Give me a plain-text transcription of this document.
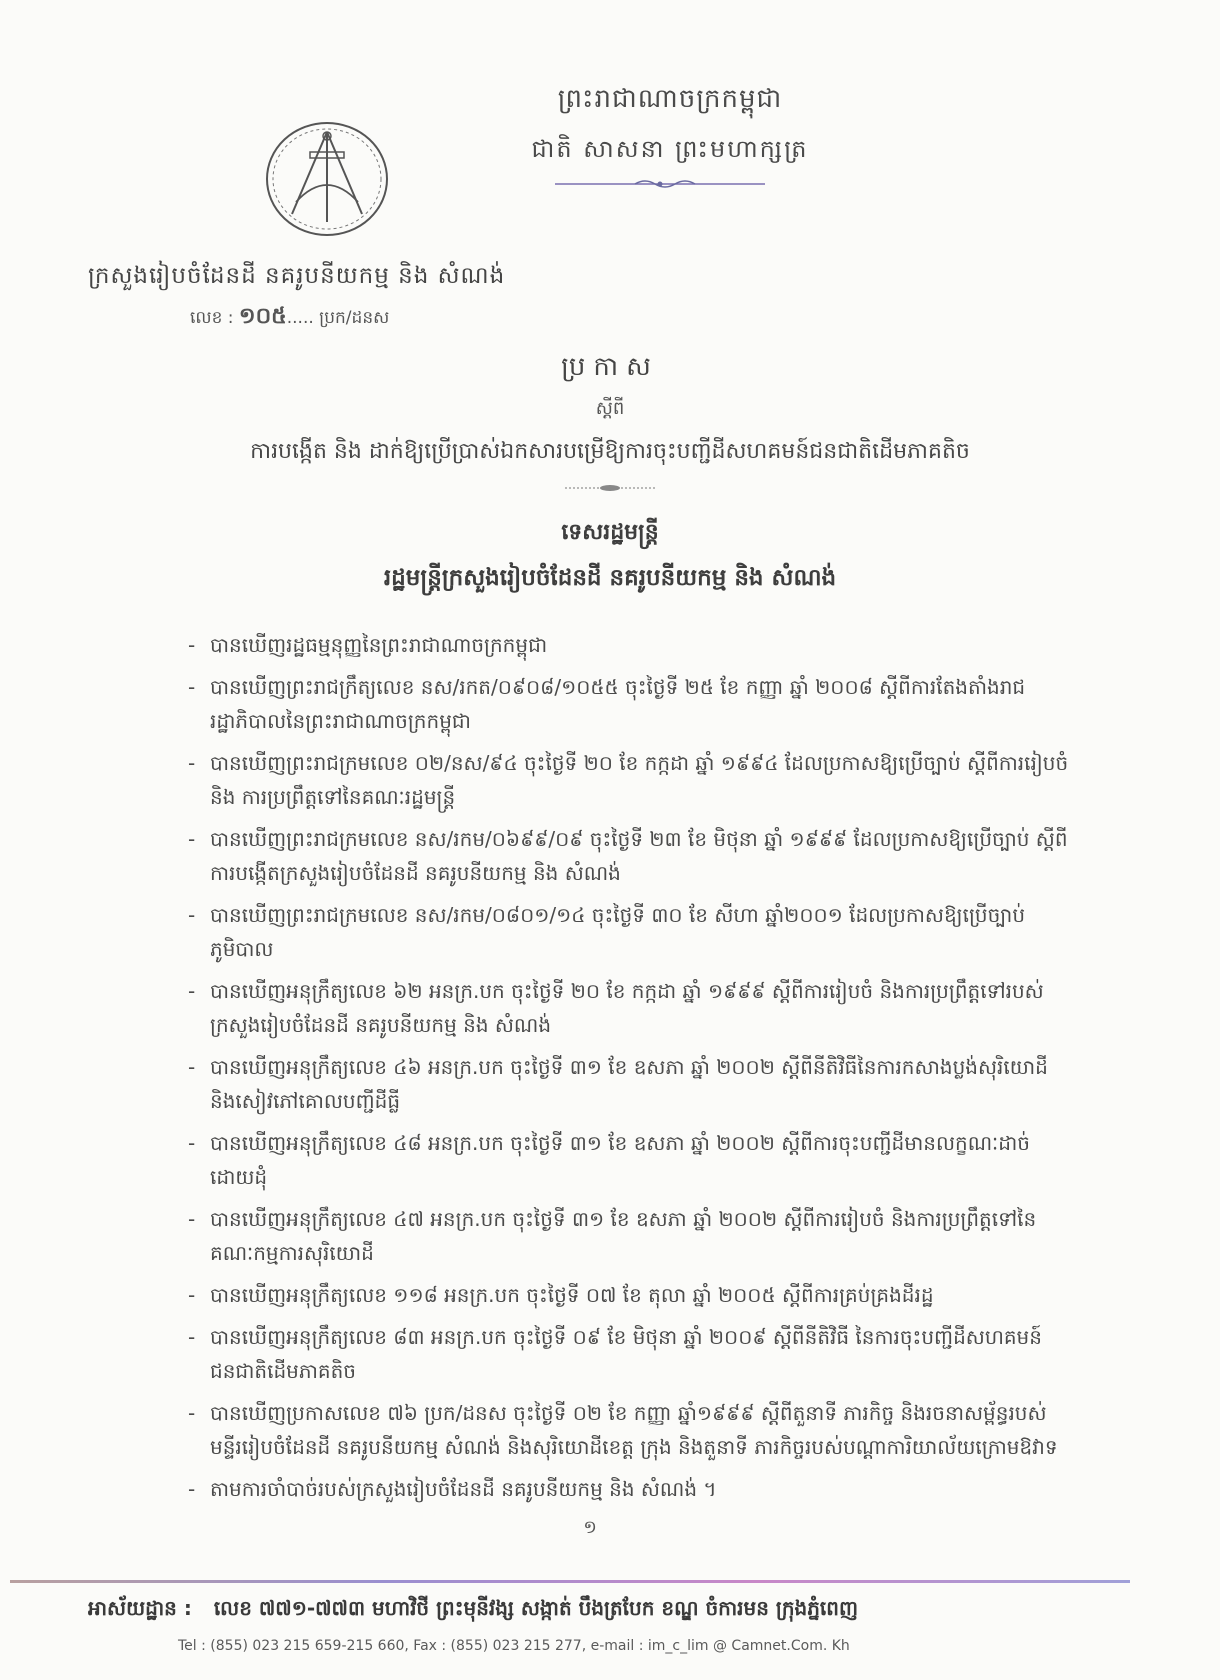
ព្រះរាជាណាចក្រកម្ពុជា
ជាតិ សាសនា ព្រះមហាក្សត្រ
ក្រសួងរៀបចំដែនដី នគរូបនីយកម្ម និង សំណង់
លេខ : ១០៥..... ប្រក/ដនស
ប្រកាស
ស្តីពី
ការបង្កើត និង ដាក់ឱ្យប្រើប្រាស់ឯកសារបម្រើឱ្យការចុះបញ្ជីដីសហគមន៍ជនជាតិដើមភាគតិច
ទេសរដ្ឋមន្ត្រី
រដ្ឋមន្ត្រីក្រសួងរៀបចំដែនដី នគរូបនីយកម្ម និង សំណង់
- បានឃើញរដ្ឋធម្មនុញ្ញនៃព្រះរាជាណាចក្រកម្ពុជា
- បានឃើញព្រះរាជក្រឹត្យលេខ នស/រកត/០៩០៨/១០៥៥ ចុះថ្ងៃទី ២៥ ខែ កញ្ញា ឆ្នាំ ២០០៨ ស្តីពីការតែងតាំងរាជរដ្ឋាភិបាលនៃព្រះរាជាណាចក្រកម្ពុជា
- បានឃើញព្រះរាជក្រមលេខ ០២/នស/៩៤ ចុះថ្ងៃទី ២០ ខែ កក្កដា ឆ្នាំ ១៩៩៤ ដែលប្រកាសឱ្យប្រើច្បាប់ ស្តីពីការរៀបចំ និង ការប្រព្រឹត្តទៅនៃគណៈរដ្ឋមន្ត្រី
- បានឃើញព្រះរាជក្រមលេខ នស/រកម/០៦៩៩/០៩ ចុះថ្ងៃទី ២៣ ខែ មិថុនា ឆ្នាំ ១៩៩៩ ដែលប្រកាសឱ្យប្រើច្បាប់ ស្តីពីការបង្កើតក្រសួងរៀបចំដែនដី នគរូបនីយកម្ម និង សំណង់
- បានឃើញព្រះរាជក្រមលេខ នស/រកម/០៨០១/១៤ ចុះថ្ងៃទី ៣០ ខែ សីហា ឆ្នាំ២០០១ ដែលប្រកាសឱ្យប្រើច្បាប់ភូមិបាល
- បានឃើញអនុក្រឹត្យលេខ ៦២ អនក្រ.បក ចុះថ្ងៃទី ២០ ខែ កក្កដា ឆ្នាំ ១៩៩៩ ស្តីពីការរៀបចំ និងការប្រព្រឹត្តទៅរបស់ក្រសួងរៀបចំដែនដី នគរូបនីយកម្ម និង សំណង់
- បានឃើញអនុក្រឹត្យលេខ ៤៦ អនក្រ.បក ចុះថ្ងៃទី ៣១ ខែ ឧសភា ឆ្នាំ ២០០២ ស្តីពីនីតិវិធីនៃការកសាងប្លង់សុរិយោដី និងសៀវភៅគោលបញ្ជីដីធ្លី
- បានឃើញអនុក្រឹត្យលេខ ៤៨ អនក្រ.បក ចុះថ្ងៃទី ៣១ ខែ ឧសភា ឆ្នាំ ២០០២ ស្តីពីការចុះបញ្ជីដីមានលក្ខណៈដាច់ដោយដុំ
- បានឃើញអនុក្រឹត្យលេខ ៤៧ អនក្រ.បក ចុះថ្ងៃទី ៣១ ខែ ឧសភា ឆ្នាំ ២០០២ ស្តីពីការរៀបចំ និងការប្រព្រឹត្តទៅនៃគណៈកម្មការសុរិយោដី
- បានឃើញអនុក្រឹត្យលេខ ១១៨ អនក្រ.បក ចុះថ្ងៃទី ០៧ ខែ តុលា ឆ្នាំ ២០០៥ ស្តីពីការគ្រប់គ្រងដីរដ្ឋ
- បានឃើញអនុក្រឹត្យលេខ ៨៣ អនក្រ.បក ចុះថ្ងៃទី ០៩ ខែ មិថុនា ឆ្នាំ ២០០៩ ស្តីពីនីតិវិធី នៃការចុះបញ្ជីដីសហគមន៍ជនជាតិដើមភាគតិច
- បានឃើញប្រកាសលេខ ៧៦ ប្រក/ដនស ចុះថ្ងៃទី ០២ ខែ កញ្ញា ឆ្នាំ១៩៩៩ ស្តីពីតួនាទី ភារកិច្ច និងរចនាសម្ព័ន្ធរបស់មន្ទីររៀបចំដែនដី នគរូបនីយកម្ម សំណង់ និងសុរិយោដីខេត្ត ក្រុង និងតួនាទី ភារកិច្ចរបស់បណ្តាការិយាល័យក្រោមឱវាទ
- តាមការចាំបាច់របស់ក្រសួងរៀបចំដែនដី នគរូបនីយកម្ម និង សំណង់ ។
១
អាស័យដ្ឋាន : លេខ ៧៧១-៧៧៣ មហាវិថី ព្រះមុនីវង្ស សង្កាត់ បឹងត្របែក ខណ្ឌ ចំការមន ក្រុងភ្នំពេញ
Tel : (855) 023 215 659-215 660, Fax : (855) 023 215 277, e-mail : im_c_lim @ Camnet.Com. Kh
